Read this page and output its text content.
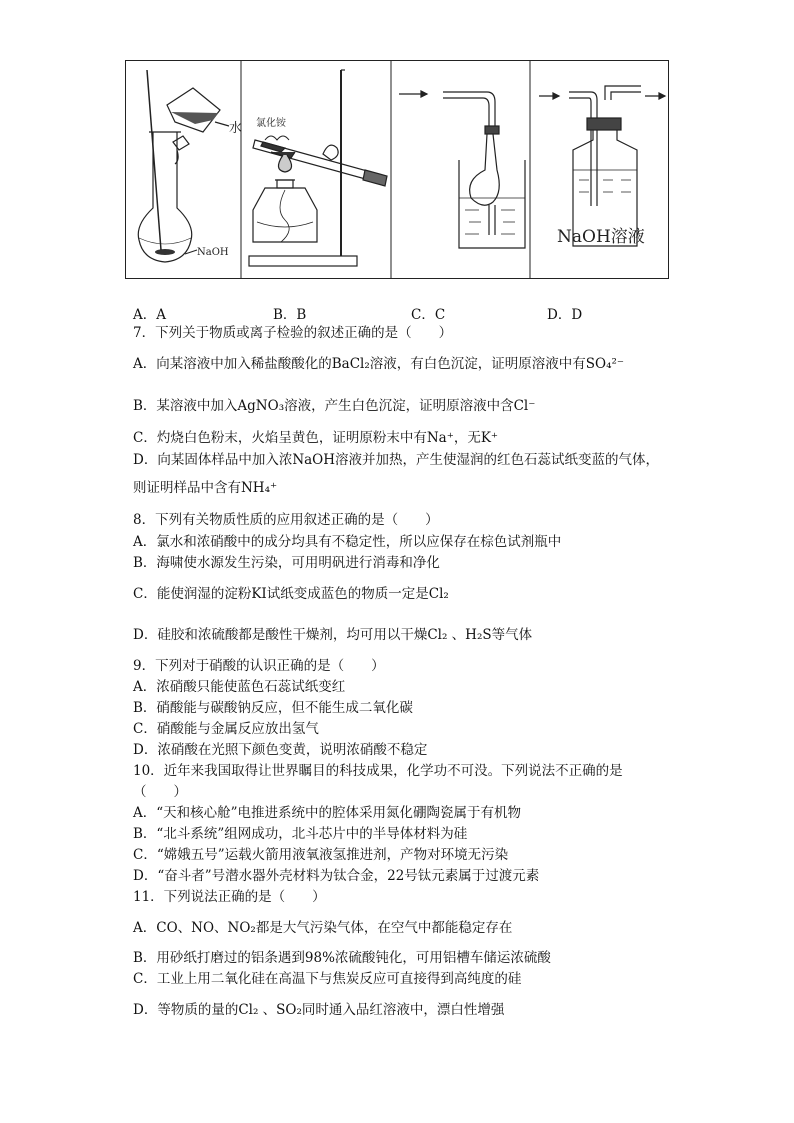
水
NaOH
氯化铵
NaOH溶液
A．A	B．B	C．C	D．D
7．下列关于物质或离子检验的叙述正确的是（　　）
A．向某溶液中加入稀盐酸酸化的BaCl₂溶液，有白色沉淀，证明原溶液中有SO₄²⁻
B．某溶液中加入AgNO₃溶液，产生白色沉淀，证明原溶液中含Cl⁻
C．灼烧白色粉末，火焰呈黄色，证明原粉末中有Na⁺，无K⁺
D．向某固体样品中加入浓NaOH溶液并加热，产生使湿润的红色石蕊试纸变蓝的气体，
则证明样品中含有NH₄⁺
8．下列有关物质性质的应用叙述正确的是（　　）
A．氯水和浓硝酸中的成分均具有不稳定性，所以应保存在棕色试剂瓶中
B．海啸使水源发生污染，可用明矾进行消毒和净化
C．能使润湿的淀粉KI试纸变成蓝色的物质一定是Cl₂
D．硅胶和浓硫酸都是酸性干燥剂，均可用以干燥Cl₂ 、H₂S等气体
9．下列对于硝酸的认识正确的是（　　）
A．浓硝酸只能使蓝色石蕊试纸变红
B．硝酸能与碳酸钠反应，但不能生成二氧化碳
C．硝酸能与金属反应放出氢气
D．浓硝酸在光照下颜色变黄，说明浓硝酸不稳定
10．近年来我国取得让世界瞩目的科技成果，化学功不可没。下列说法不正确的是
（　　）
A．“天和核心舱”电推进系统中的腔体采用氮化硼陶瓷属于有机物
B．“北斗系统”组网成功，北斗芯片中的半导体材料为硅
C．“嫦娥五号”运载火箭用液氧液氢推进剂，产物对环境无污染
D．“奋斗者”号潜水器外壳材料为钛合金，22号钛元素属于过渡元素
11．下列说法正确的是（　　）
A．CO、NO、NO₂都是大气污染气体，在空气中都能稳定存在
B．用砂纸打磨过的铝条遇到98%浓硫酸钝化，可用铝槽车储运浓硫酸
C．工业上用二氧化硅在高温下与焦炭反应可直接得到高纯度的硅
D．等物质的量的Cl₂ 、SO₂同时通入品红溶液中，漂白性增强
